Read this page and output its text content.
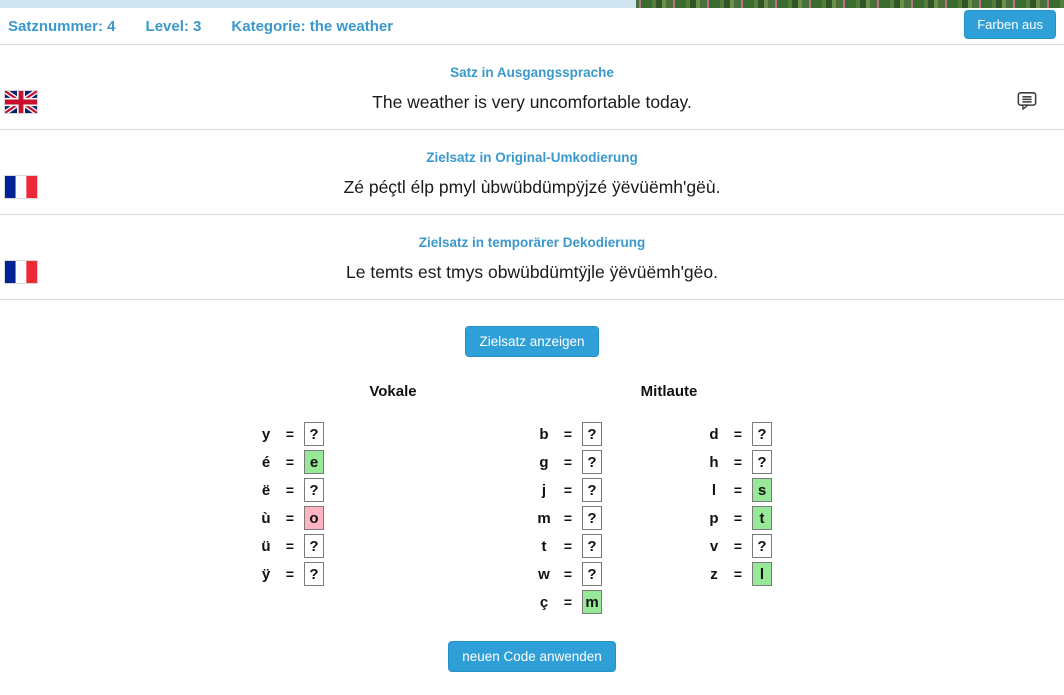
Satznummer: 4 Level: 3 Kategorie: the weather	Farben aus
Satz in Ausgangssprache
The weather is very uncomfortable today.
Zielsatz in Original-Umkodierung
Zé péçtl élp pmyl ùbwübdümpÿjzé ÿëvüëmh'gëù.
Zielsatz in temporärer Dekodierung
Le temts est tmys obwübdümtÿjle ÿëvüëmh'gëo.
Zielsatz anzeigen
Vokale	Mitlaute
y	=	?
é	=	e
ë	=	?
ù	=	o
ü	=	?
ÿ	=	?
b	=	?
g	=	?
j	=	?
m =	?
t	=	?
w	=	?
ç	= m
d	=	?
h	=	?
l	=	s
p	=	t
v	=	?
z	=	l
neuen Code anwenden
